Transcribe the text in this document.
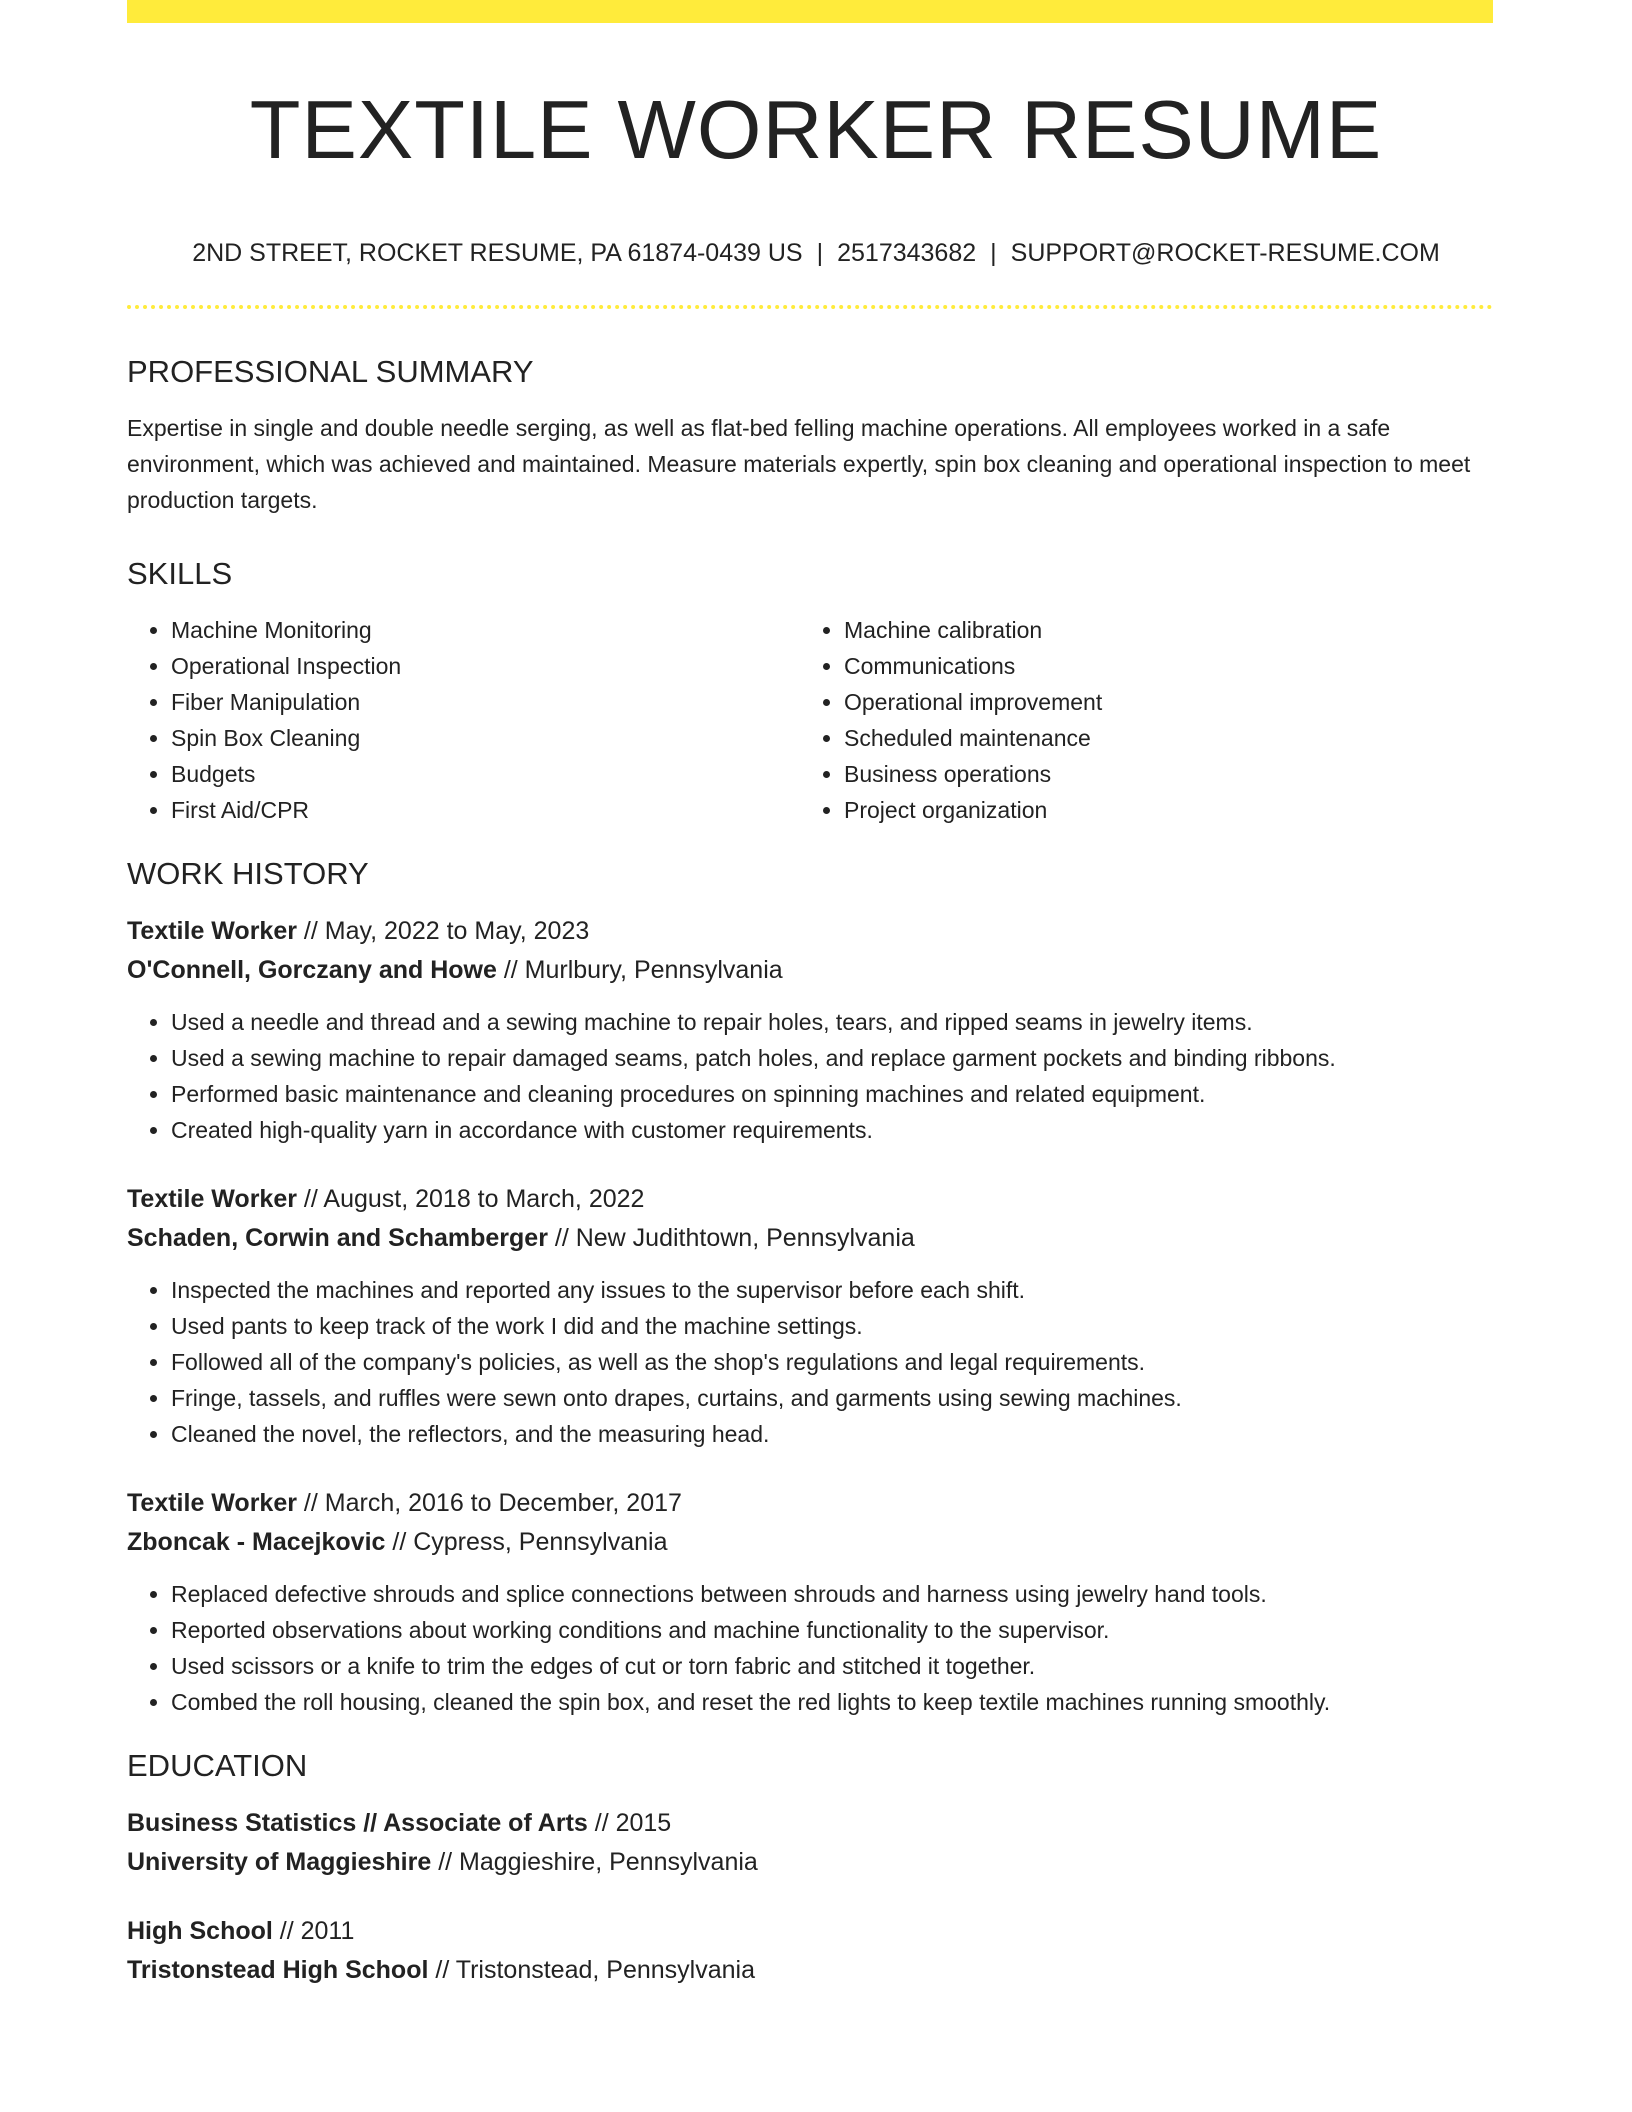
TEXTILE WORKER RESUME
2ND STREET, ROCKET RESUME, PA 61874-0439 US | 2517343682 | SUPPORT@ROCKET-RESUME.COM
PROFESSIONAL SUMMARY

Expertise in single and double needle serging, as well as flat-bed felling machine operations. All employees worked in a safe environment, which was achieved and maintained. Measure materials expertly, spin box cleaning and operational inspection to meet production targets.

SKILLS
• Machine Monitoring
• Operational Inspection
• Fiber Manipulation
• Spin Box Cleaning
• Budgets
• First Aid/CPR
• Machine calibration
• Communications
• Operational improvement
• Scheduled maintenance
• Business operations
• Project organization
WORK HISTORY
Textile Worker // May, 2022 to May, 2023
O'Connell, Gorczany and Howe // Murlbury, Pennsylvania
• Used a needle and thread and a sewing machine to repair holes, tears, and ripped seams in jewelry items.
• Used a sewing machine to repair damaged seams, patch holes, and replace garment pockets and binding ribbons.
• Performed basic maintenance and cleaning procedures on spinning machines and related equipment.
• Created high-quality yarn in accordance with customer requirements.
Textile Worker // August, 2018 to March, 2022
Schaden, Corwin and Schamberger // New Judithtown, Pennsylvania
• Inspected the machines and reported any issues to the supervisor before each shift.
• Used pants to keep track of the work I did and the machine settings.
• Followed all of the company's policies, as well as the shop's regulations and legal requirements.
• Fringe, tassels, and ruffles were sewn onto drapes, curtains, and garments using sewing machines.
• Cleaned the novel, the reflectors, and the measuring head.
Textile Worker // March, 2016 to December, 2017
Zboncak - Macejkovic // Cypress, Pennsylvania
• Replaced defective shrouds and splice connections between shrouds and harness using jewelry hand tools.
• Reported observations about working conditions and machine functionality to the supervisor.
• Used scissors or a knife to trim the edges of cut or torn fabric and stitched it together.
• Combed the roll housing, cleaned the spin box, and reset the red lights to keep textile machines running smoothly.
EDUCATION
Business Statistics // Associate of Arts // 2015
University of Maggieshire // Maggieshire, Pennsylvania
High School // 2011
Tristonstead High School // Tristonstead, Pennsylvania
